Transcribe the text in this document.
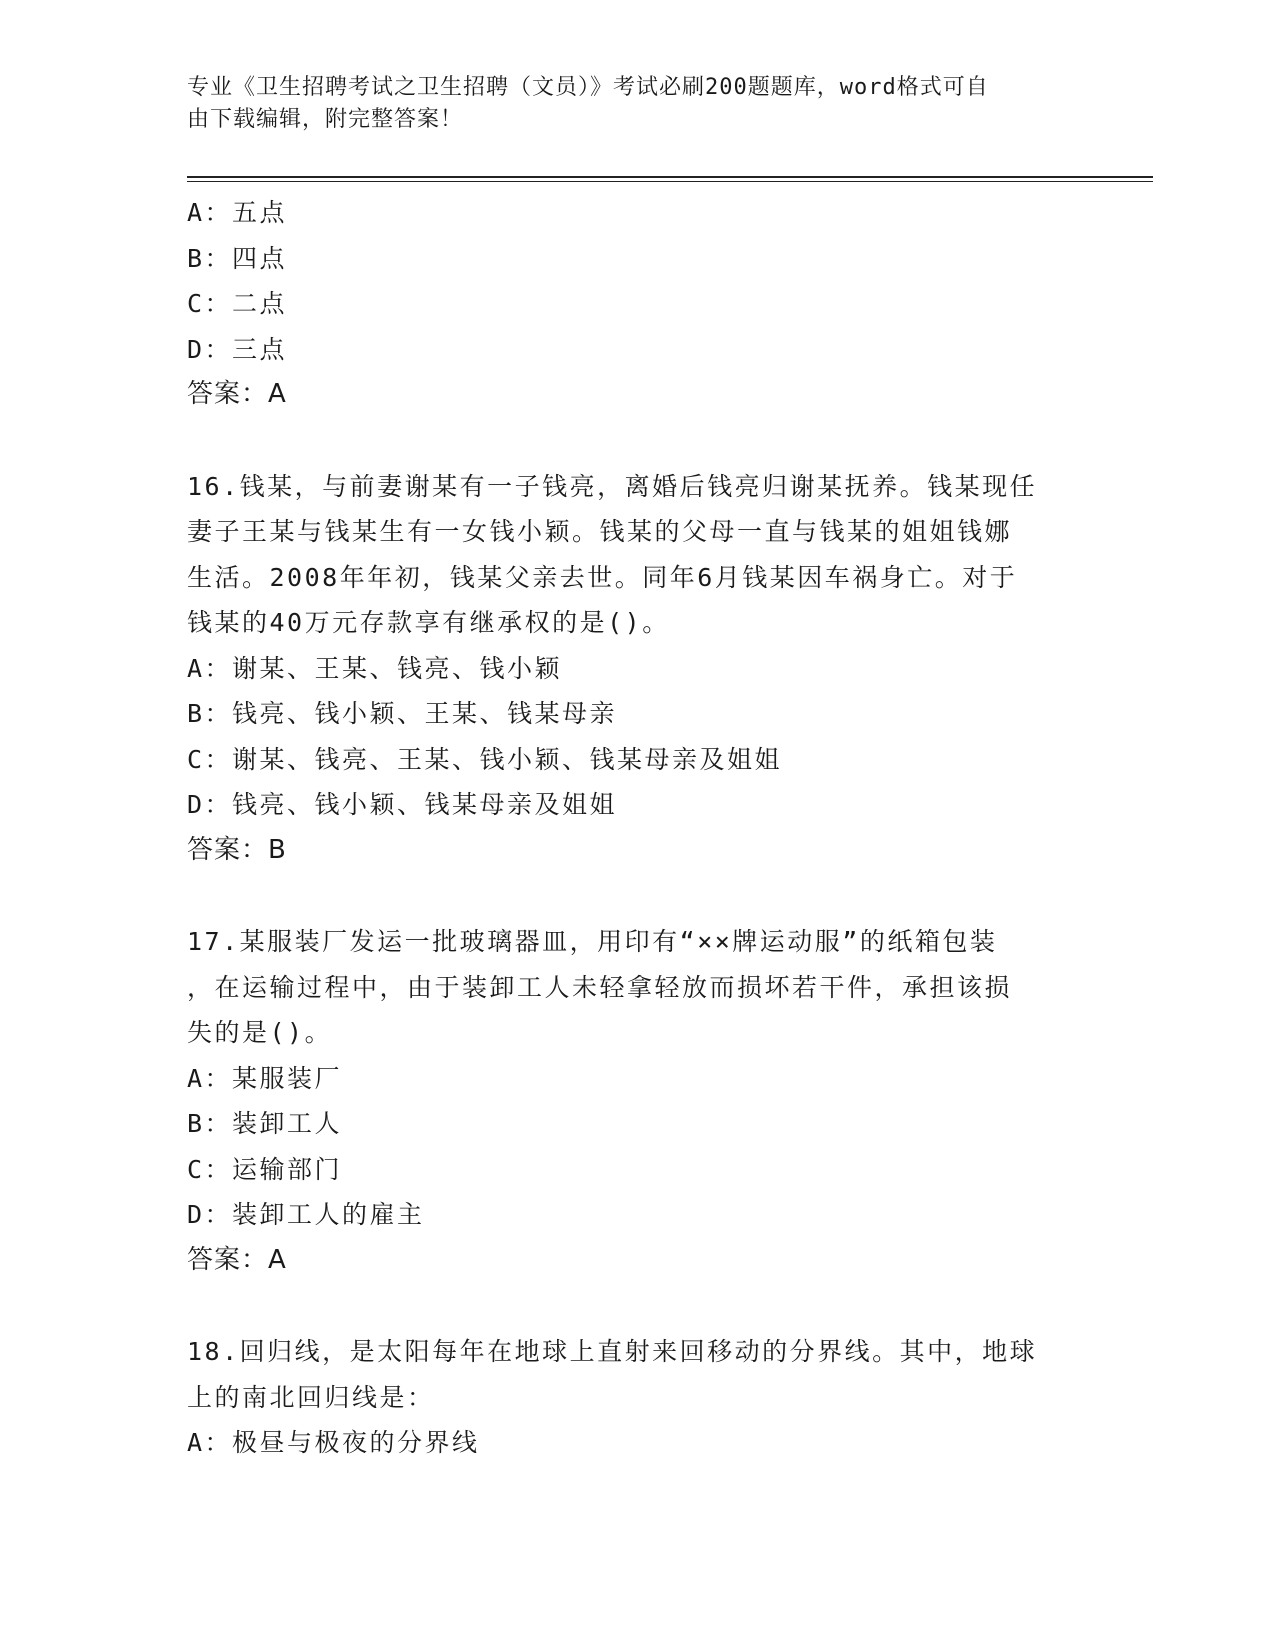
专业《卫生招聘考试之卫生招聘（文员）》考试必刷200题题库，word格式可自
由下载编辑，附完整答案！
A：五点
B：四点
C：二点
D：三点
答案：A
16.钱某，与前妻谢某有一子钱亮，离婚后钱亮归谢某抚养。钱某现任
妻子王某与钱某生有一女钱小颖。钱某的父母一直与钱某的姐姐钱娜
生活。2008年年初，钱某父亲去世。同年6月钱某因车祸身亡。对于
钱某的40万元存款享有继承权的是()。
A：谢某、王某、钱亮、钱小颖
B：钱亮、钱小颖、王某、钱某母亲
C：谢某、钱亮、王某、钱小颖、钱某母亲及姐姐
D：钱亮、钱小颖、钱某母亲及姐姐
答案：B
17.某服装厂发运一批玻璃器皿，用印有“××牌运动服”的纸箱包装
，在运输过程中，由于装卸工人未轻拿轻放而损坏若干件，承担该损
失的是()。
A：某服装厂
B：装卸工人
C：运输部门
D：装卸工人的雇主
答案：A
18.回归线，是太阳每年在地球上直射来回移动的分界线。其中，地球
上的南北回归线是：
A：极昼与极夜的分界线
